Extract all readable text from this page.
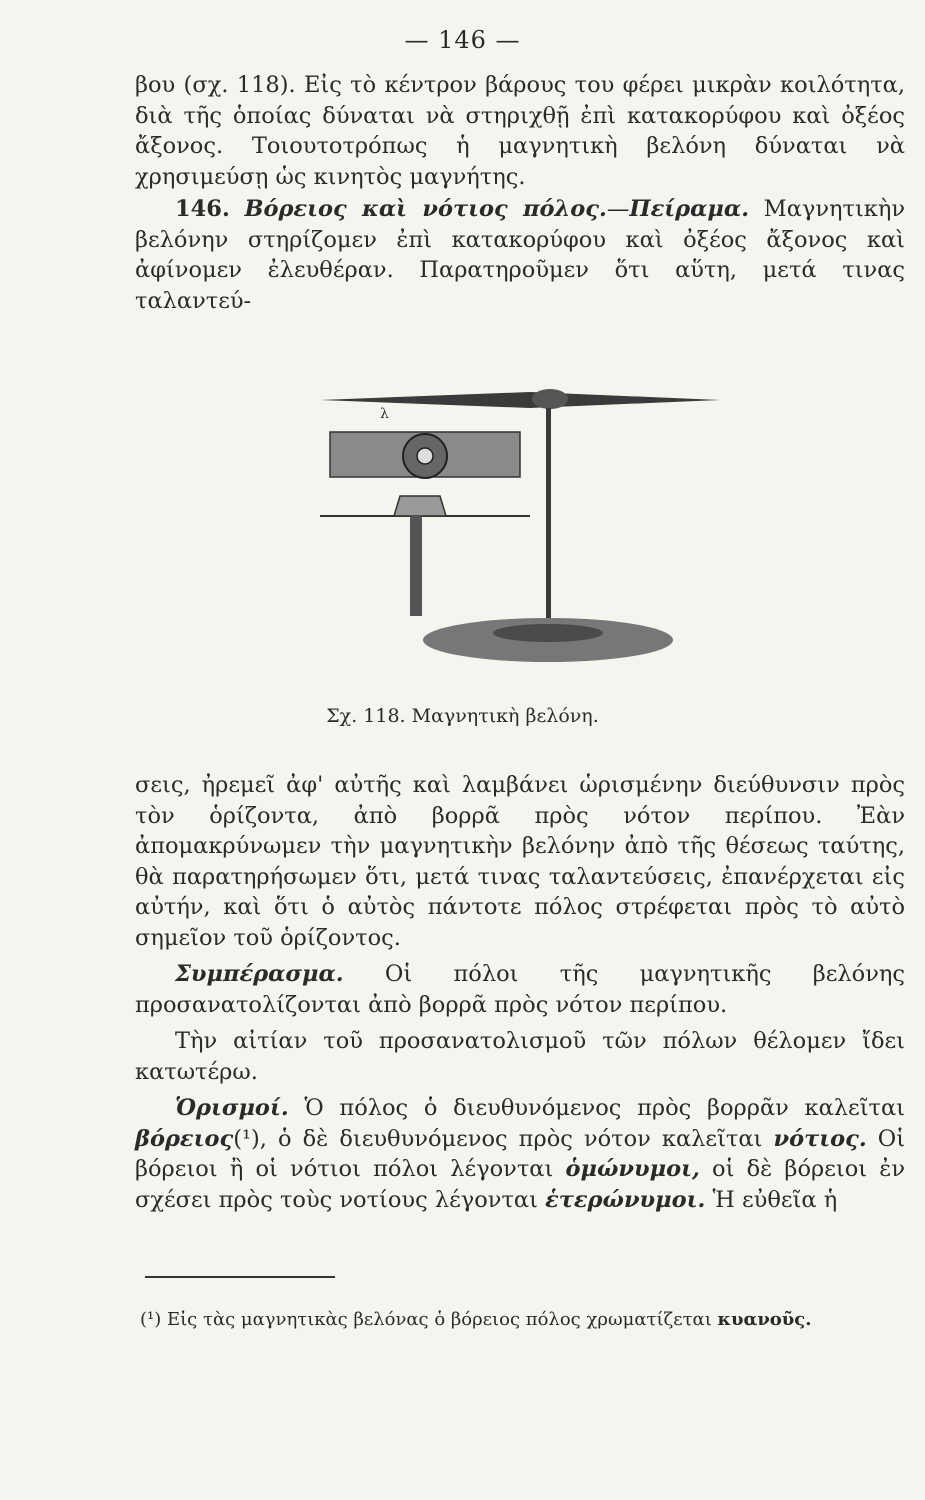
— 146 —

βου (σχ. 118). Εἰς τὸ κέντρον βάρους του φέρει μικρὰν κοιλότητα, διὰ τῆς ὁποίας δύναται νὰ στηριχθῇ ἐπὶ κατακορύφου καὶ ὀξέος ἄξονος. Τοιουτοτρόπως ἡ μαγνητικὴ βελόνη δύναται νὰ χρησιμεύσῃ ὡς κινητὸς μαγνήτης.

146. Βόρειος καὶ νότιος πόλος.—Πείραμα. Μαγνητικὴν βελόνην στηρίζομεν ἐπὶ κατακορύφου καὶ ὀξέος ἄξονος καὶ ἀφίνομεν ἐλευθέραν. Παρατηροῦμεν ὅτι αὕτη, μετά τινας ταλαντεύ-

λ
Σχ. 118. Μαγνητικὴ βελόνη.

σεις, ἠρεμεῖ ἀφ' αὐτῆς καὶ λαμβάνει ὡρισμένην διεύθυνσιν πρὸς τὸν ὁρίζοντα, ἀπὸ βορρᾶ πρὸς νότον περίπου. Ἐὰν ἀπομακρύνωμεν τὴν μαγνητικὴν βελόνην ἀπὸ τῆς θέσεως ταύτης, θὰ παρατηρήσωμεν ὅτι, μετά τινας ταλαντεύσεις, ἐπανέρχεται εἰς αὐτήν, καὶ ὅτι ὁ αὐτὸς πάντοτε πόλος στρέφεται πρὸς τὸ αὐτὸ σημεῖον τοῦ ὁρίζοντος.

Συμπέρασμα. Οἱ πόλοι τῆς μαγνητικῆς βελόνης προσανατολίζονται ἀπὸ βορρᾶ πρὸς νότον περίπου.

Τὴν αἰτίαν τοῦ προσανατολισμοῦ τῶν πόλων θέλομεν ἴδει κατωτέρω.

Ὁρισμοί. Ὁ πόλος ὁ διευθυνόμενος πρὸς βορρᾶν καλεῖται βόρειος(¹), ὁ δὲ διευθυνόμενος πρὸς νότον καλεῖται νότιος. Οἱ βόρειοι ἢ οἱ νότιοι πόλοι λέγονται ὁμώνυμοι, οἱ δὲ βόρειοι ἐν σχέσει πρὸς τοὺς νοτίους λέγονται ἑτερώνυμοι. Ἡ εὐθεῖα ἡ

(¹) Εἰς τὰς μαγνητικὰς βελόνας ὁ βόρειος πόλος χρωματίζεται κυανοῦς.
